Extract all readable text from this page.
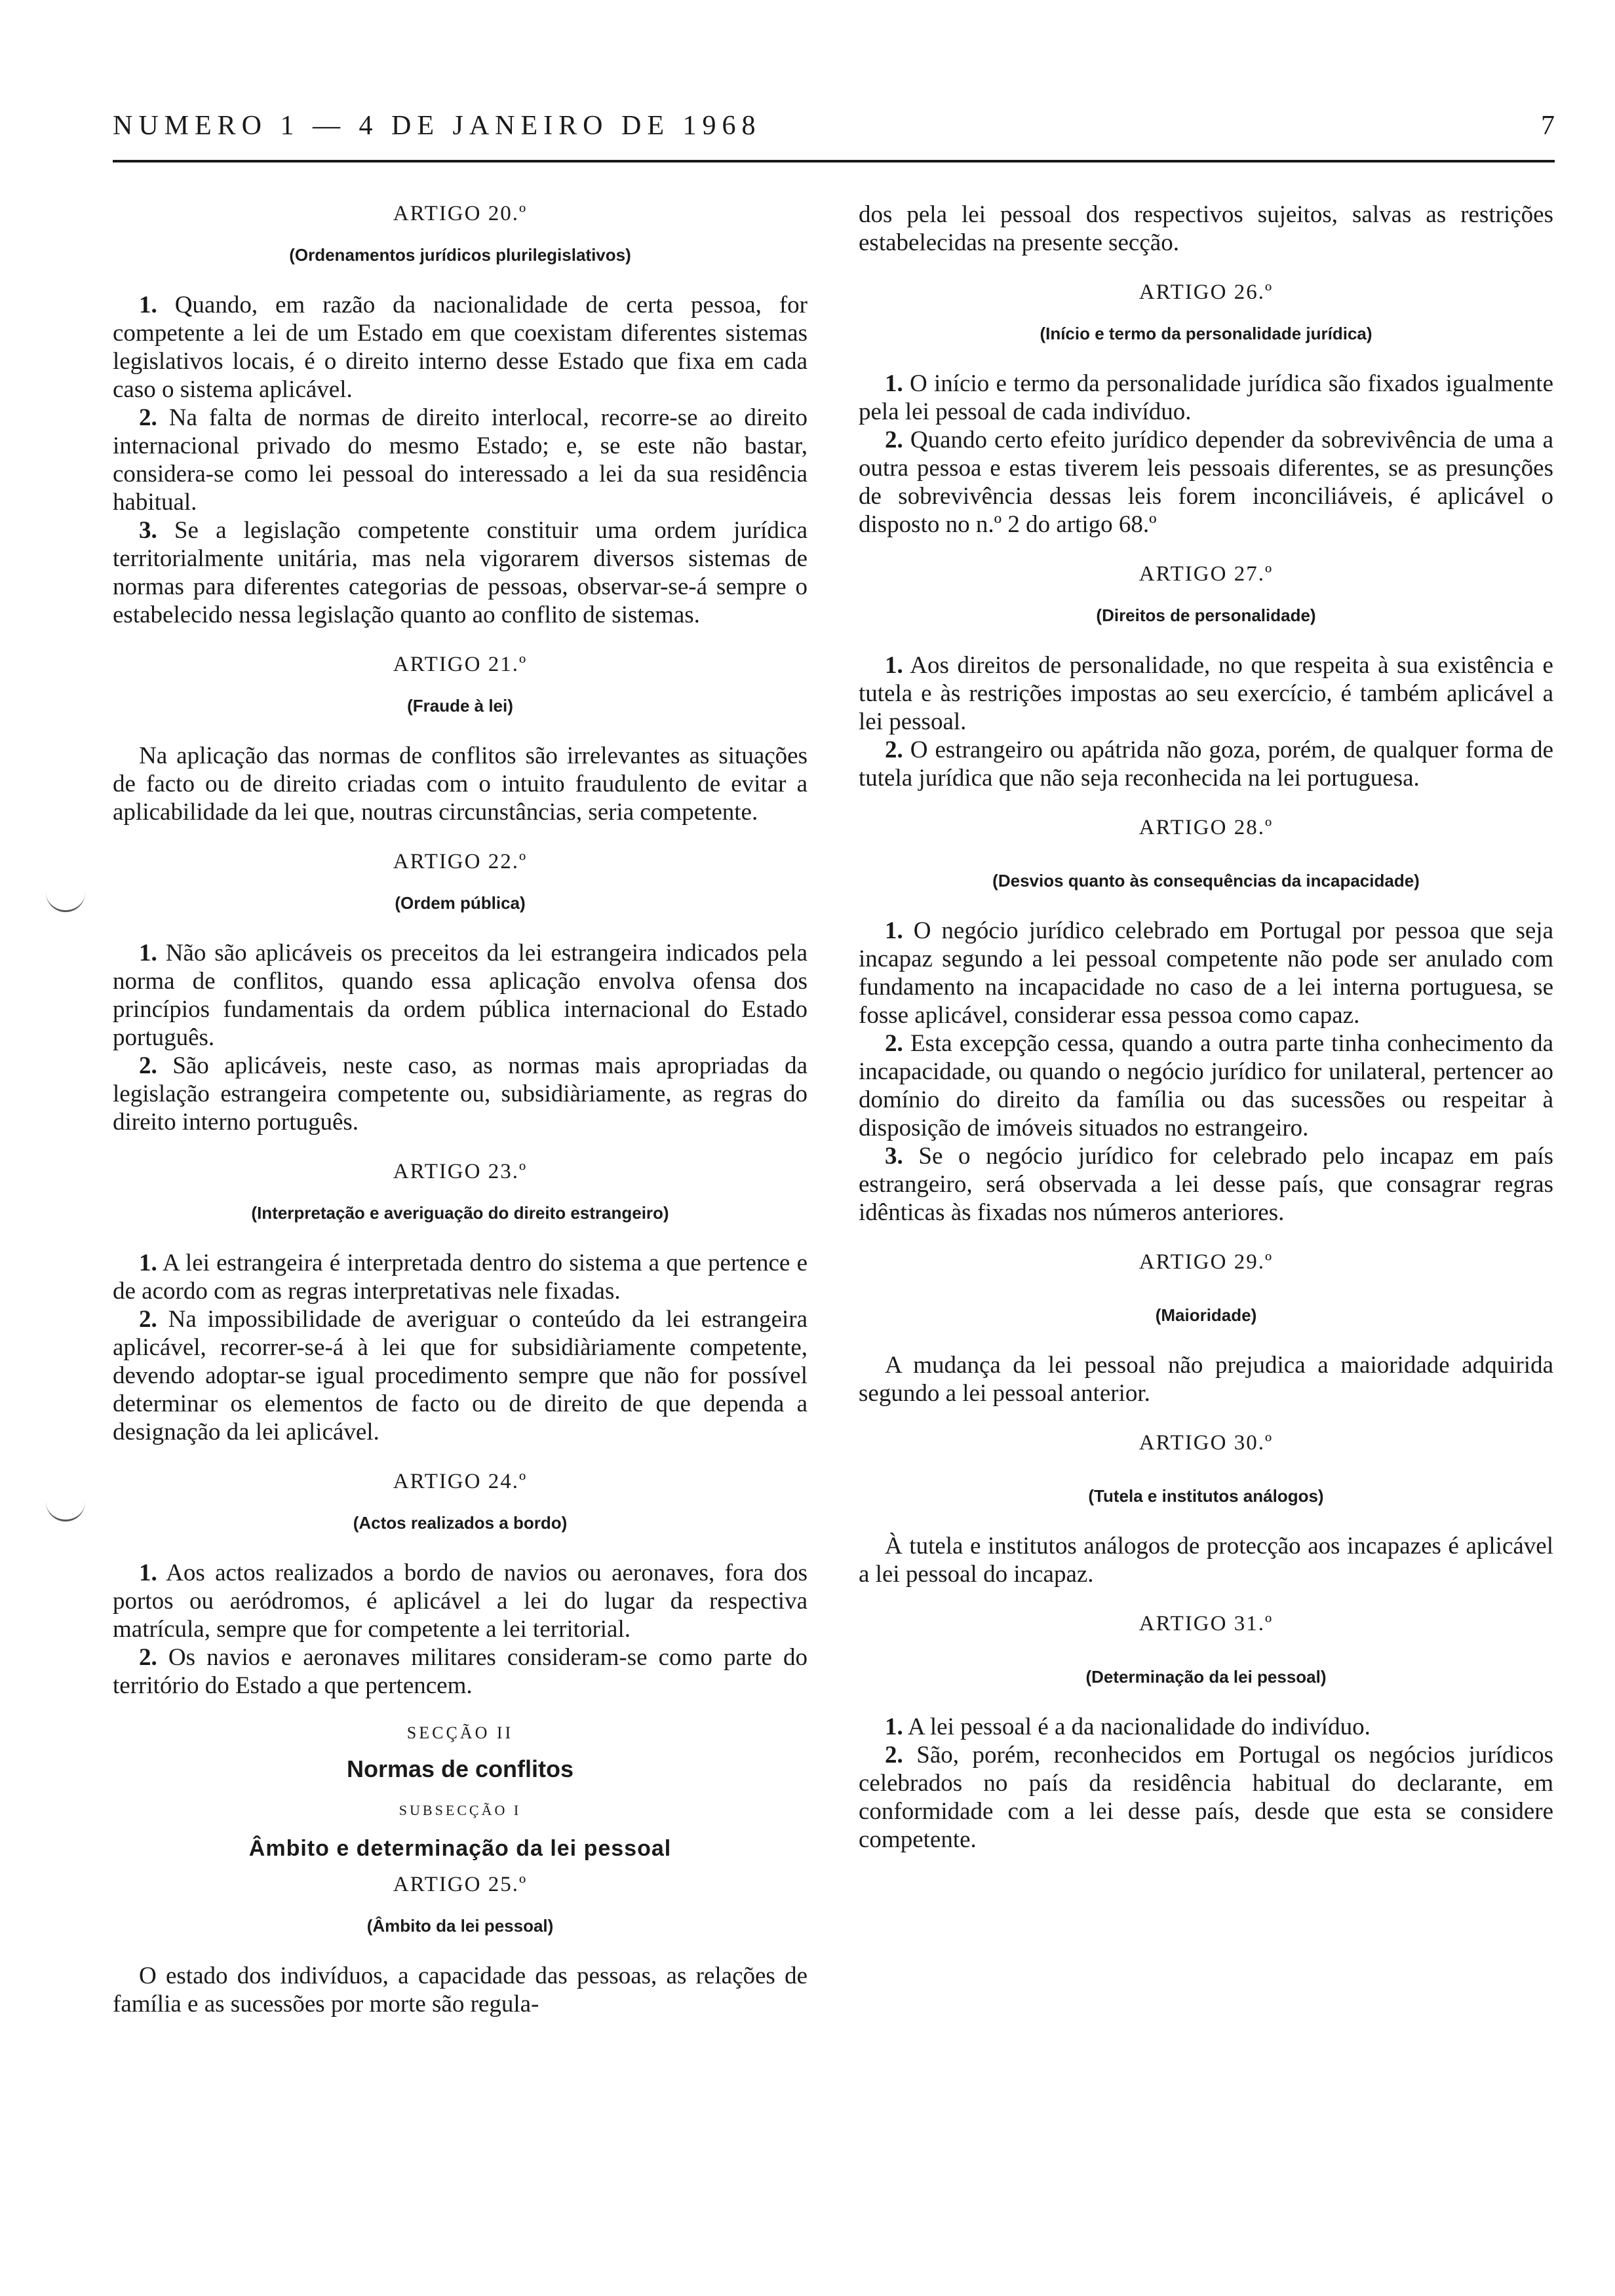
NUMERO 1 — 4 DE JANEIRO DE 1968	7
ARTIGO 20.º
(Ordenamentos jurídicos plurilegislativos)

1. Quando, em razão da nacionalidade de certa pessoa, for competente a lei de um Estado em que coexistam diferentes sistemas legislativos locais, é o direito interno desse Estado que fixa em cada caso o sistema aplicável.

2. Na falta de normas de direito interlocal, recorre-se ao direito internacional privado do mesmo Estado; e, se este não bastar, considera-se como lei pessoal do interessado a lei da sua residência habitual.

3. Se a legislação competente constituir uma ordem jurídica territorialmente unitária, mas nela vigorarem diversos sistemas de normas para diferentes categorias de pessoas, observar-se-á sempre o estabelecido nessa legislação quanto ao conflito de sistemas.

ARTIGO 21.º
(Fraude à lei)

Na aplicação das normas de conflitos são irrelevantes as situações de facto ou de direito criadas com o intuito fraudulento de evitar a aplicabilidade da lei que, noutras circunstâncias, seria competente.

ARTIGO 22.º
(Ordem pública)

1. Não são aplicáveis os preceitos da lei estrangeira indicados pela norma de conflitos, quando essa aplicação envolva ofensa dos princípios fundamentais da ordem pública internacional do Estado português.

2. São aplicáveis, neste caso, as normas mais apropriadas da legislação estrangeira competente ou, subsidiàriamente, as regras do direito interno português.

ARTIGO 23.º
(Interpretação e averiguação do direito estrangeiro)

1. A lei estrangeira é interpretada dentro do sistema a que pertence e de acordo com as regras interpretativas nele fixadas.

2. Na impossibilidade de averiguar o conteúdo da lei estrangeira aplicável, recorrer-se-á à lei que for subsidiàriamente competente, devendo adoptar-se igual procedimento sempre que não for possível determinar os elementos de facto ou de direito de que dependa a designação da lei aplicável.

ARTIGO 24.º
(Actos realizados a bordo)

1. Aos actos realizados a bordo de navios ou aeronaves, fora dos portos ou aeródromos, é aplicável a lei do lugar da respectiva matrícula, sempre que for competente a lei territorial.

2. Os navios e aeronaves militares consideram-se como parte do território do Estado a que pertencem.

SECÇÃO II
Normas de conflitos
SUBSECÇÃO I
Âmbito e determinação da lei pessoal
ARTIGO 25.º
(Âmbito da lei pessoal)

O estado dos indivíduos, a capacidade das pessoas, as relações de família e as sucessões por morte são regula-

dos pela lei pessoal dos respectivos sujeitos, salvas as restrições estabelecidas na presente secção.

ARTIGO 26.º
(Início e termo da personalidade jurídica)

1. O início e termo da personalidade jurídica são fixados igualmente pela lei pessoal de cada indivíduo.

2. Quando certo efeito jurídico depender da sobrevivência de uma a outra pessoa e estas tiverem leis pessoais diferentes, se as presunções de sobrevivência dessas leis forem inconciliáveis, é aplicável o disposto no n.º 2 do artigo 68.º

ARTIGO 27.º
(Direitos de personalidade)

1. Aos direitos de personalidade, no que respeita à sua existência e tutela e às restrições impostas ao seu exercício, é também aplicável a lei pessoal.

2. O estrangeiro ou apátrida não goza, porém, de qualquer forma de tutela jurídica que não seja reconhecida na lei portuguesa.

ARTIGO 28.º
(Desvios quanto às consequências da incapacidade)

1. O negócio jurídico celebrado em Portugal por pessoa que seja incapaz segundo a lei pessoal competente não pode ser anulado com fundamento na incapacidade no caso de a lei interna portuguesa, se fosse aplicável, considerar essa pessoa como capaz.

2. Esta excepção cessa, quando a outra parte tinha conhecimento da incapacidade, ou quando o negócio jurídico for unilateral, pertencer ao domínio do direito da família ou das sucessões ou respeitar à disposição de imóveis situados no estrangeiro.

3. Se o negócio jurídico for celebrado pelo incapaz em país estrangeiro, será observada a lei desse país, que consagrar regras idênticas às fixadas nos números anteriores.

ARTIGO 29.º
(Maioridade)

A mudança da lei pessoal não prejudica a maioridade adquirida segundo a lei pessoal anterior.

ARTIGO 30.º
(Tutela e institutos análogos)

À tutela e institutos análogos de protecção aos incapazes é aplicável a lei pessoal do incapaz.

ARTIGO 31.º
(Determinação da lei pessoal)

1. A lei pessoal é a da nacionalidade do indivíduo.

2. São, porém, reconhecidos em Portugal os negócios jurídicos celebrados no país da residência habitual do declarante, em conformidade com a lei desse país, desde que esta se considere competente.
